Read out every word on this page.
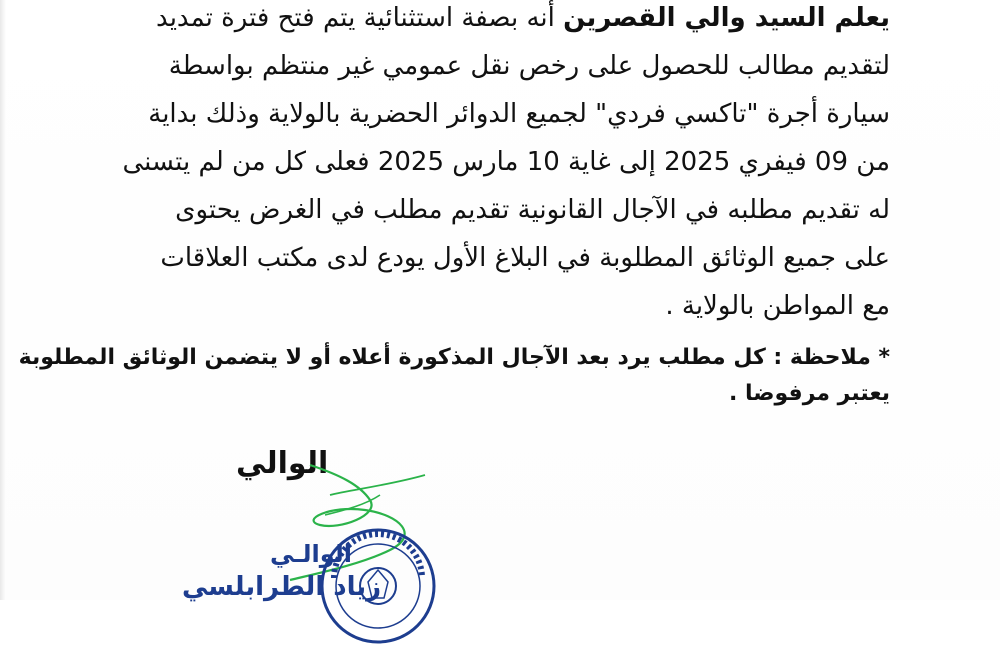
يعلم السيد والي القصرين أنه بصفة استثنائية يتم فتح فترة تمديد
لتقديم مطالب للحصول على رخص نقل عمومي غير منتظم بواسطة
سيارة أجرة "تاكسي فردي" لجميع الدوائر الحضرية بالولاية وذلك بداية
من 09 فيفري 2025 إلى غاية 10 مارس 2025 فعلى كل من لم يتسنى
له تقديم مطلبه في الآجال القانونية تقديم مطلب في الغرض يحتوى
على جميع الوثائق المطلوبة في البلاغ الأول يودع لدى مكتب العلاقات
مع المواطن بالولاية .
* ملاحظة : كل مطلب يرد بعد الآجال المذكورة أعلاه أو لا يتضمن الوثائق المطلوبة
يعتبر مرفوضا .
الوالي
الوالـي
زياد الطرابلسي
